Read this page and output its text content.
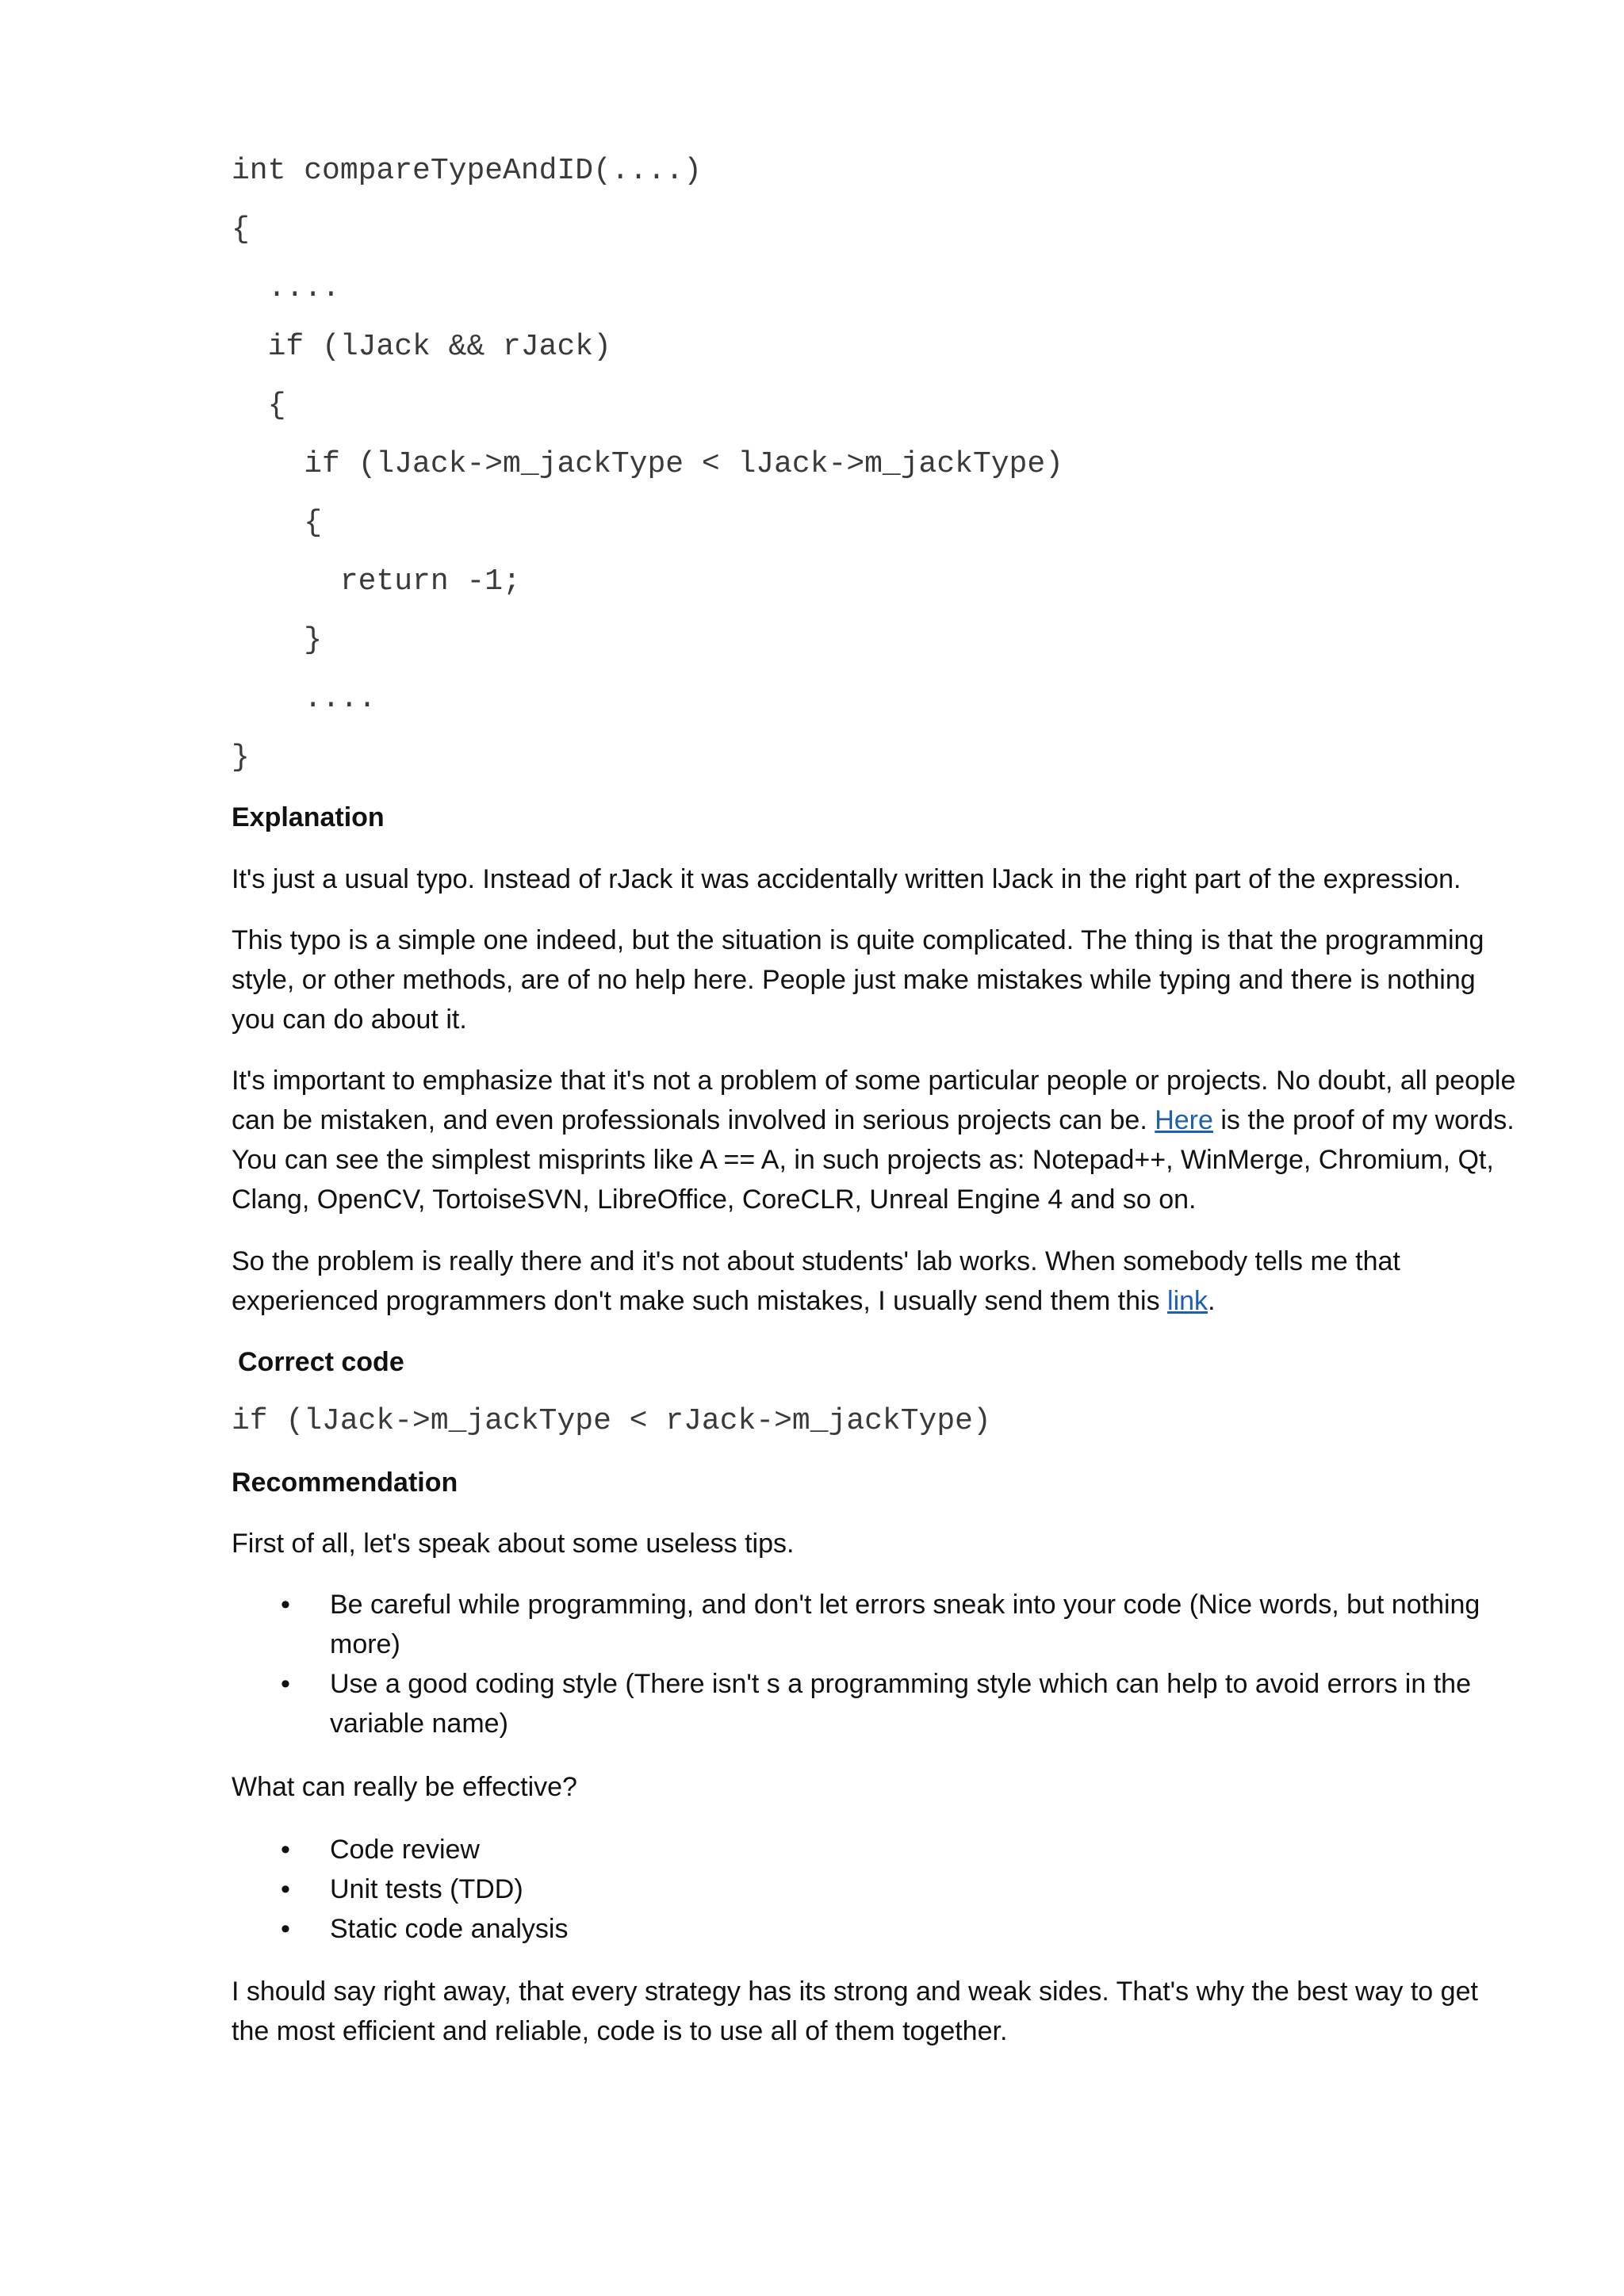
int compareTypeAndID(....)
{
....
if (lJack && rJack)
{
if (lJack->m_jackType < lJack->m_jackType)
{
return -1;
}
....
}
Explanation
It's just a usual typo. Instead of rJack it was accidentally written lJack in the right part of the expression.
This typo is a simple one indeed, but the situation is quite complicated. The thing is that the programming style, or other methods, are of no help here. People just make mistakes while typing and there is nothing you can do about it.
It's important to emphasize that it's not a problem of some particular people or projects. No doubt, all people can be mistaken, and even professionals involved in serious projects can be. Here is the proof of my words. You can see the simplest misprints like A == A, in such projects as: Notepad++, WinMerge, Chromium, Qt, Clang, OpenCV, TortoiseSVN, LibreOffice, CoreCLR, Unreal Engine 4 and so on.
So the problem is really there and it's not about students' lab works. When somebody tells me that experienced programmers don't make such mistakes, I usually send them this link.
Correct code
if (lJack->m_jackType < rJack->m_jackType)
Recommendation
First of all, let's speak about some useless tips.
• Be careful while programming, and don't let errors sneak into your code (Nice words, but nothing more)
• Use a good coding style (There isn't s a programming style which can help to avoid errors in the variable name)
What can really be effective?
• Code review
• Unit tests (TDD)
• Static code analysis
I should say right away, that every strategy has its strong and weak sides. That's why the best way to get the most efficient and reliable, code is to use all of them together.
